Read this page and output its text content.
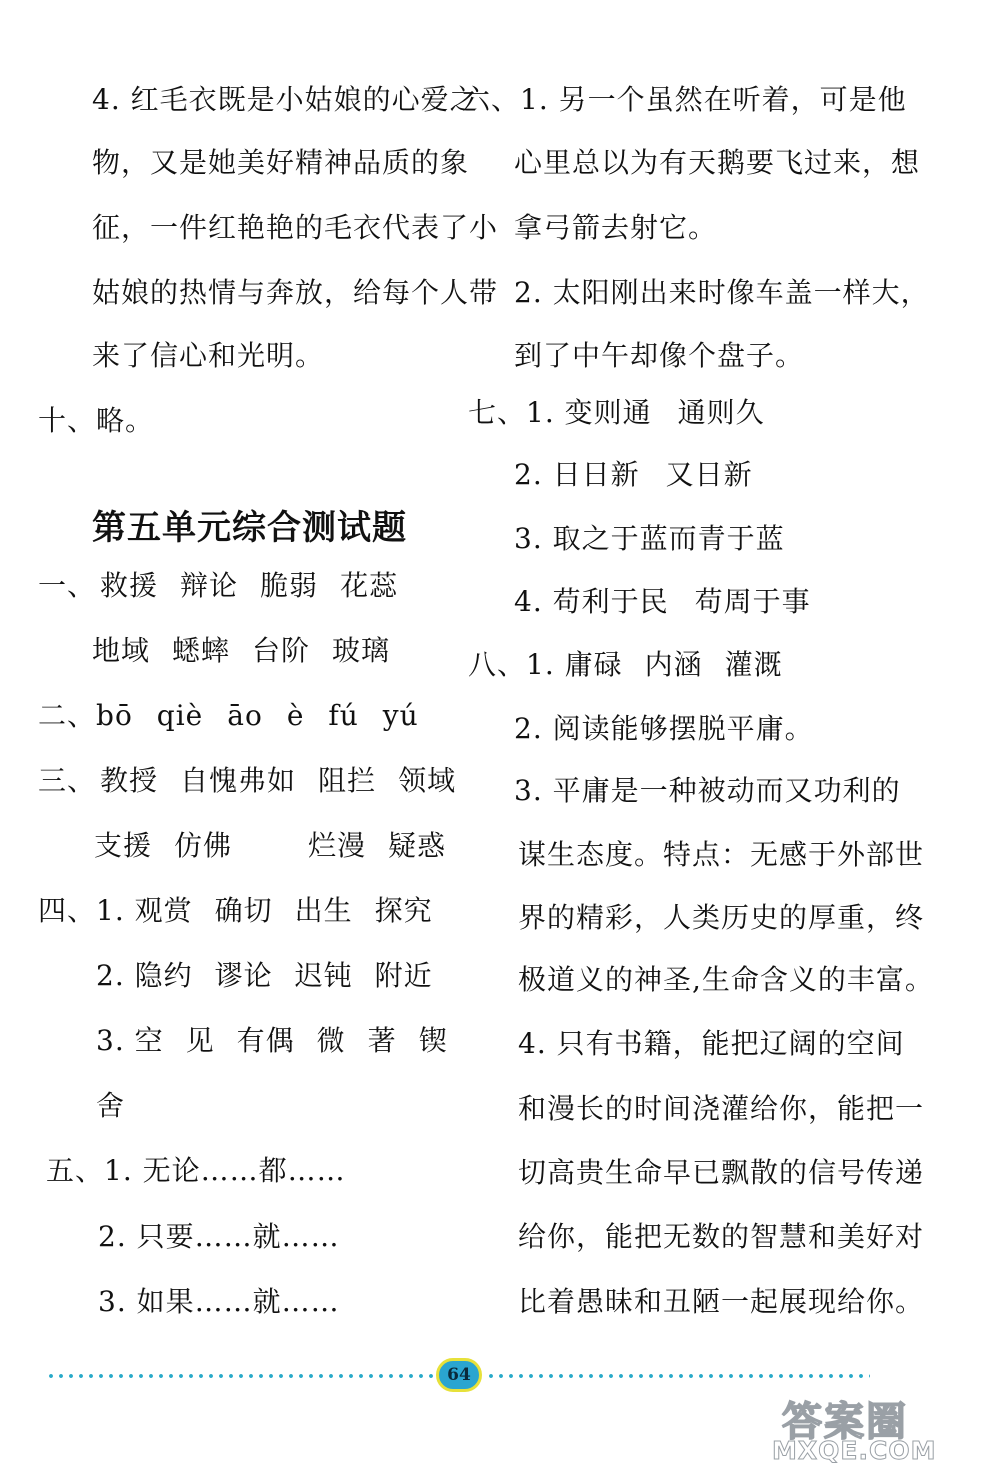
4. 红毛衣既是小姑娘的心爱之
物，又是她美好精神品质的象
征，一件红艳艳的毛衣代表了小
姑娘的热情与奔放，给每个人带
来了信心和光明。
十、略。
第五单元综合测试题
一、 救援 辩论 脆弱 花蕊
地域 蟋蟀 台阶 玻璃
二、bō qiè āo è fú yú
三、 教授 自愧弗如 阻拦 领域
支援 仿佛	烂漫 疑惑
四、1. 观赏 确切 出生 探究
2. 隐约 谬论 迟钝 附近
3. 空 见 有偶 微 著 锲
舍
五、1. 无论……都……
2. 只要……就……
3. 如果……就……
六、1. 另一个虽然在听着，可是他
心里总以为有天鹅要飞过来，想
拿弓箭去射它。
2. 太阳刚出来时像车盖一样大，
到了中午却像个盘子。
七、1. 变则通 通则久
2. 日日新 又日新
3. 取之于蓝而青于蓝
4. 苟利于民 苟周于事
八、1. 庸碌 内涵 灌溉
2. 阅读能够摆脱平庸。
3. 平庸是一种被动而又功利的
谋生态度。特点：无感于外部世
界的精彩，人类历史的厚重，终
极道义的神圣,生命含义的丰富。
4. 只有书籍，能把辽阔的空间
和漫长的时间浇灌给你，能把一
切高贵生命早已飘散的信号传递
给你，能把无数的智慧和美好对
比着愚昧和丑陋一起展现给你。
64
答案圈
MXQE.COM
